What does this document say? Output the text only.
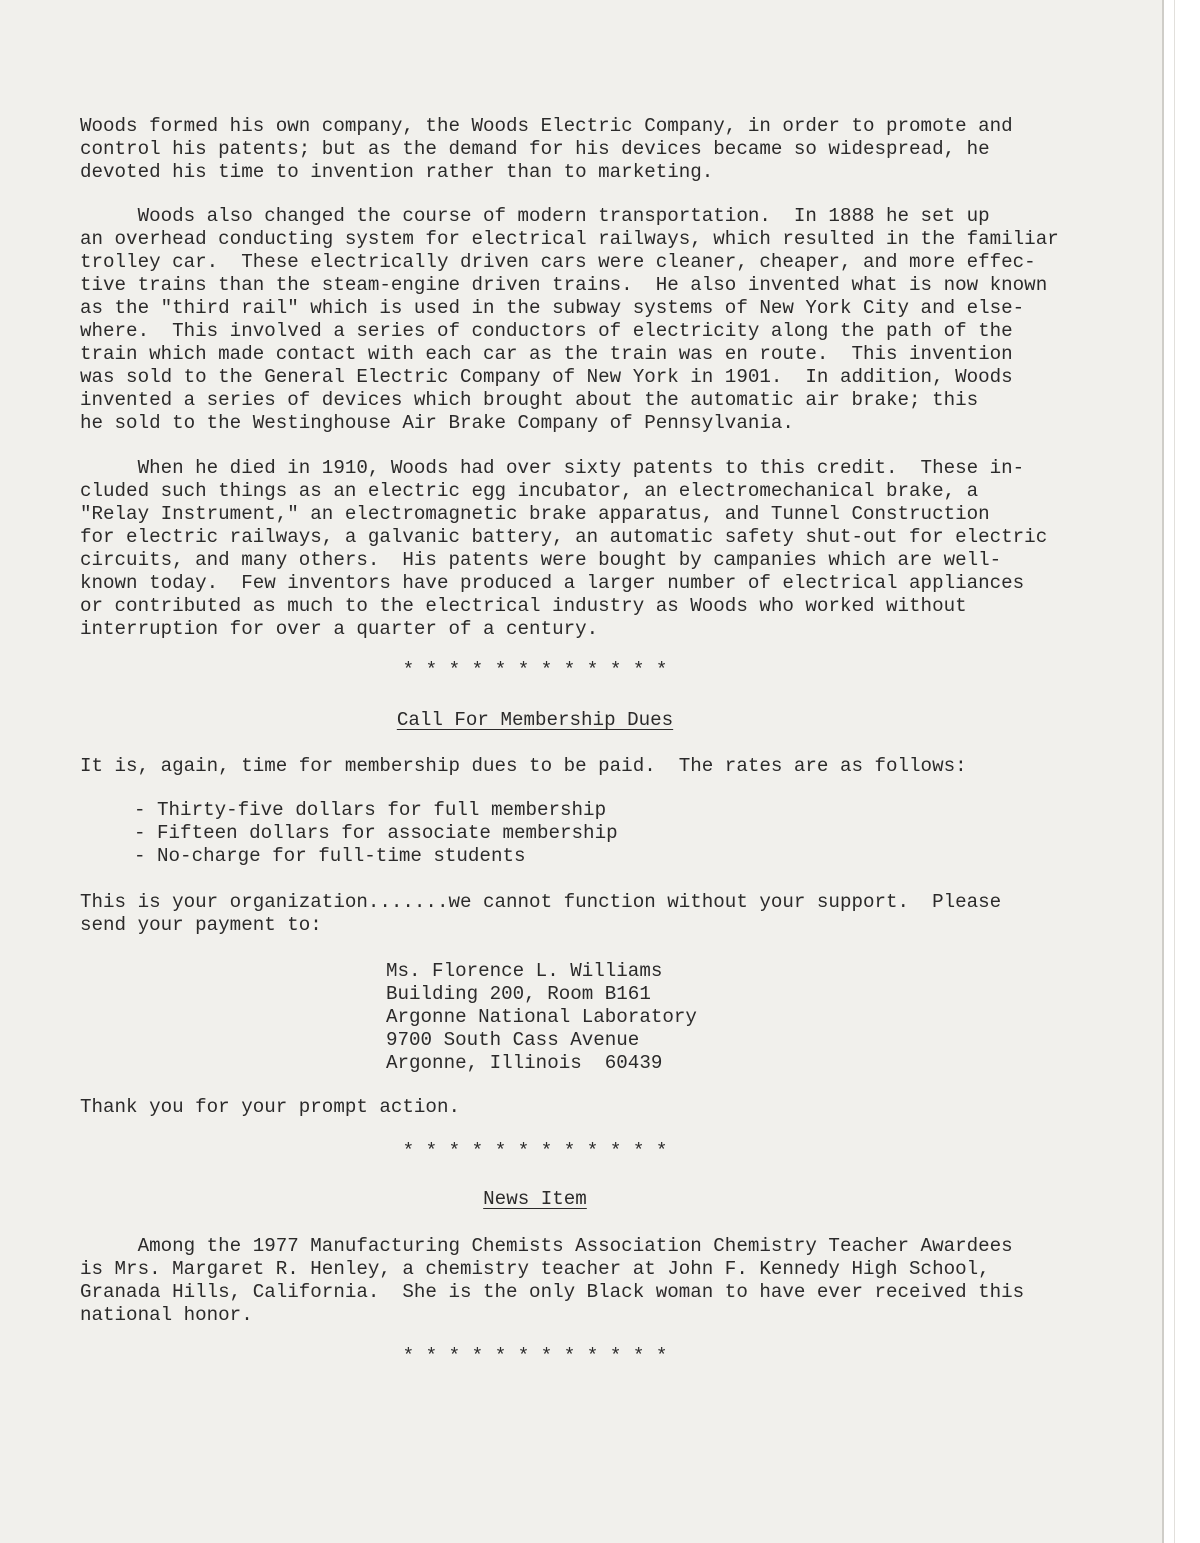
Woods formed his own company, the Woods Electric Company, in order to promote and
control his patents; but as the demand for his devices became so widespread, he
devoted his time to invention rather than to marketing.

Woods also changed the course of modern transportation.  In 1888 he set up
an overhead conducting system for electrical railways, which resulted in the familiar
trolley car.  These electrically driven cars were cleaner, cheaper, and more effec-
tive trains than the steam-engine driven trains.  He also invented what is now known
as the "third rail" which is used in the subway systems of New York City and else-
where.  This involved a series of conductors of electricity along the path of the
train which made contact with each car as the train was en route.  This invention
was sold to the General Electric Company of New York in 1901.  In addition, Woods
invented a series of devices which brought about the automatic air brake; this
he sold to the Westinghouse Air Brake Company of Pennsylvania.

When he died in 1910, Woods had over sixty patents to this credit.  These in-
cluded such things as an electric egg incubator, an electromechanical brake, a
"Relay Instrument," an electromagnetic brake apparatus, and Tunnel Construction
for electric railways, a galvanic battery, an automatic safety shut-out for electric
circuits, and many others.  His patents were bought by campanies which are well-
known today.  Few inventors have produced a larger number of electrical appliances
or contributed as much to the electrical industry as Woods who worked without
interruption for over a quarter of a century.

* * * * * * * * * * * *

Call For Membership Dues

It is, again, time for membership dues to be paid.  The rates are as follows:

- Thirty-five dollars for full membership

- Fifteen dollars for associate membership

- No-charge for full-time students

This is your organization.......we cannot function without your support.  Please
send your payment to:

Ms. Florence L. Williams

Building 200, Room B161

Argonne National Laboratory

9700 South Cass Avenue

Argonne, Illinois  60439

Thank you for your prompt action.

* * * * * * * * * * * *

News Item

Among the 1977 Manufacturing Chemists Association Chemistry Teacher Awardees
is Mrs. Margaret R. Henley, a chemistry teacher at John F. Kennedy High School,
Granada Hills, California.  She is the only Black woman to have ever received this
national honor.

* * * * * * * * * * * *
